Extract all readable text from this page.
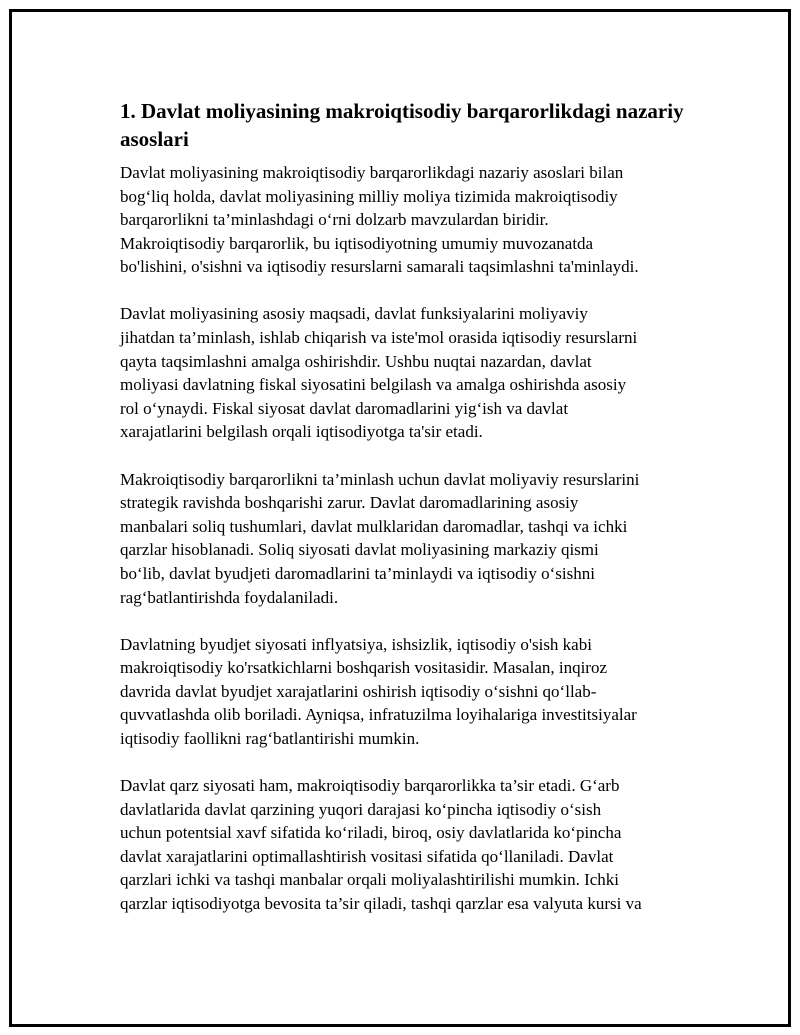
1. Davlat moliyasining makroiqtisodiy barqarorlikdagi nazariy
asoslari

Davlat moliyasining makroiqtisodiy barqarorlikdagi nazariy asoslari bilan
bog‘liq holda, davlat moliyasining milliy moliya tizimida makroiqtisodiy
barqarorlikni ta’minlashdagi o‘rni dolzarb mavzulardan biridir.
Makroiqtisodiy barqarorlik, bu iqtisodiyotning umumiy muvozanatda
bo'lishini, o'sishni va iqtisodiy resurslarni samarali taqsimlashni ta'minlaydi.

Davlat moliyasining asosiy maqsadi, davlat funksiyalarini moliyaviy
jihatdan ta’minlash, ishlab chiqarish va iste'mol orasida iqtisodiy resurslarni
qayta taqsimlashni amalga oshirishdir. Ushbu nuqtai nazardan, davlat
moliyasi davlatning fiskal siyosatini belgilash va amalga oshirishda asosiy
rol o‘ynaydi. Fiskal siyosat davlat daromadlarini yig‘ish va davlat
xarajatlarini belgilash orqali iqtisodiyotga ta'sir etadi.

Makroiqtisodiy barqarorlikni ta’minlash uchun davlat moliyaviy resurslarini
strategik ravishda boshqarishi zarur. Davlat daromadlarining asosiy
manbalari soliq tushumlari, davlat mulklaridan daromadlar, tashqi va ichki
qarzlar hisoblanadi. Soliq siyosati davlat moliyasining markaziy qismi
bo‘lib, davlat byudjeti daromadlarini ta’minlaydi va iqtisodiy o‘sishni
rag‘batlantirishda foydalaniladi.

Davlatning byudjet siyosati inflyatsiya, ishsizlik, iqtisodiy o'sish kabi
makroiqtisodiy ko'rsatkichlarni boshqarish vositasidir. Masalan, inqiroz
davrida davlat byudjet xarajatlarini oshirish iqtisodiy o‘sishni qo‘llab-
quvvatlashda olib boriladi. Ayniqsa, infratuzilma loyihalariga investitsiyalar
iqtisodiy faollikni rag‘batlantirishi mumkin.

Davlat qarz siyosati ham, makroiqtisodiy barqarorlikka ta’sir etadi. G‘arb
davlatlarida davlat qarzining yuqori darajasi ko‘pincha iqtisodiy o‘sish
uchun potentsial xavf sifatida ko‘riladi, biroq, osiy davlatlarida ko‘pincha
davlat xarajatlarini optimallashtirish vositasi sifatida qo‘llaniladi. Davlat
qarzlari ichki va tashqi manbalar orqali moliyalashtirilishi mumkin. Ichki
qarzlar iqtisodiyotga bevosita ta’sir qiladi, tashqi qarzlar esa valyuta kursi va
